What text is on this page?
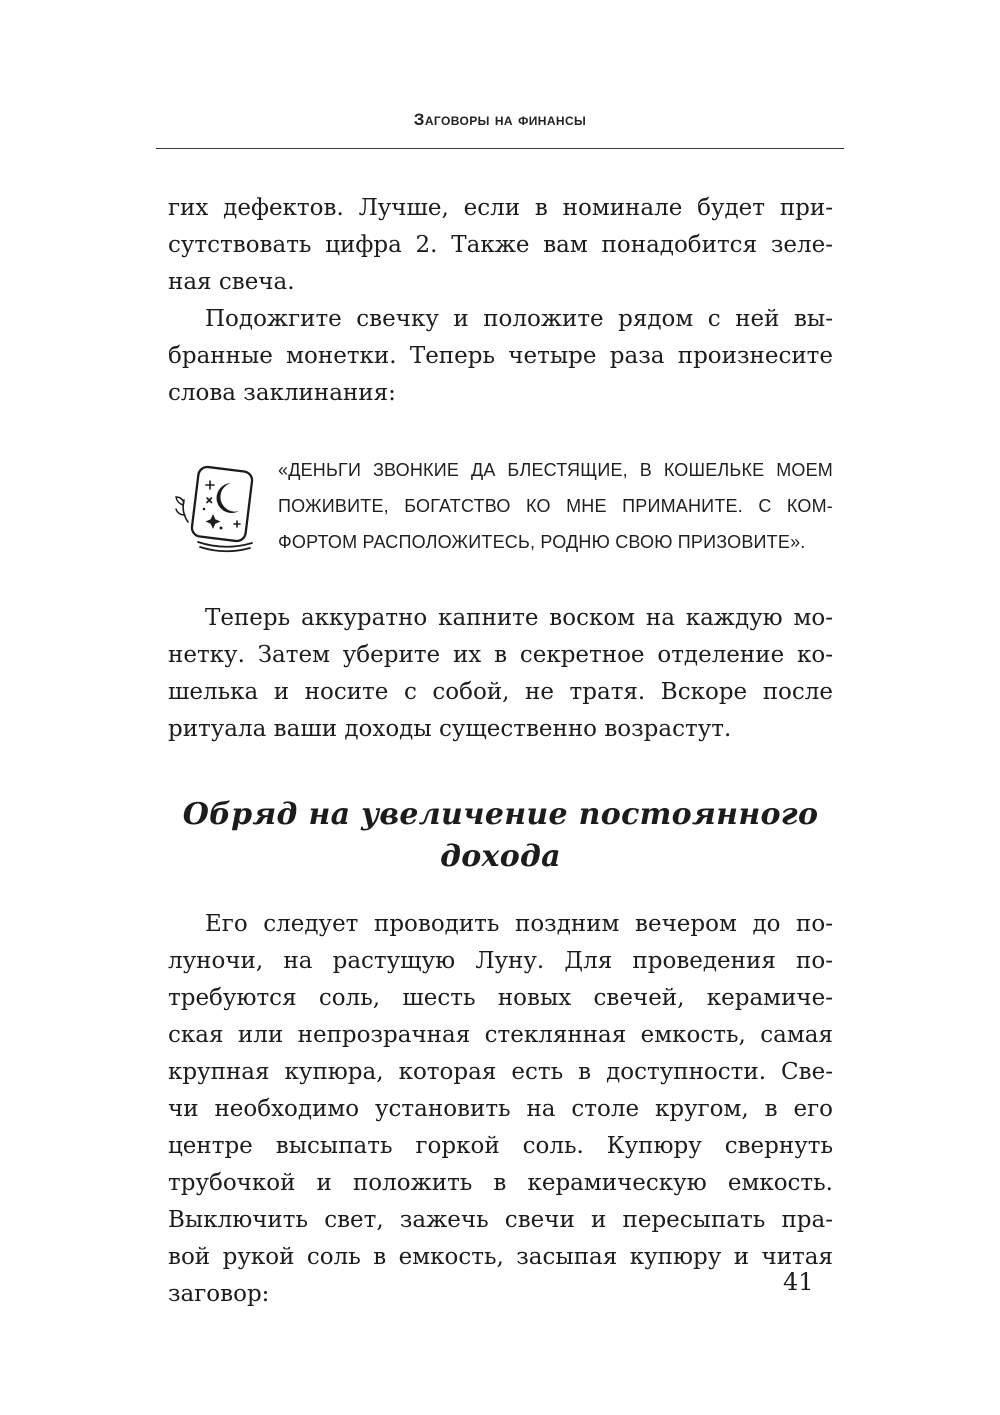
Заговоры на финансы
гих дефектов. Лучше, если в номинале будет при-
сутствовать цифра 2. Также вам понадобится зеле-
ная свеча.
Подожгите свечку и положите рядом с ней вы-
бранные монетки. Теперь четыре раза произнесите
слова заклинания:
«ДЕНЬГИ ЗВОНКИЕ ДА БЛЕСТЯЩИЕ, В КОШЕЛЬКЕ МОЕМ
ПОЖИВИТЕ, БОГАТСТВО КО МНЕ ПРИМАНИТЕ. С КОМ-
ФОРТОМ РАСПОЛОЖИТЕСЬ, РОДНЮ СВОЮ ПРИЗОВИТЕ».
Теперь аккуратно капните воском на каждую мо-
нетку. Затем уберите их в секретное отделение ко-
шелька и носите с собой, не тратя. Вскоре после
ритуала ваши доходы существенно возрастут.
Обряд на увеличение постоянного дохода
Его следует проводить поздним вечером до по-
луночи, на растущую Луну. Для проведения по-
требуются соль, шесть новых свечей, керамиче-
ская или непрозрачная стеклянная емкость, самая
крупная купюра, которая есть в доступности. Све-
чи необходимо установить на столе кругом, в его
центре высыпать горкой соль. Купюру свернуть
трубочкой и положить в керамическую емкость.
Выключить свет, зажечь свечи и пересыпать пра-
вой рукой соль в емкость, засыпая купюру и читая
заговор:	41
